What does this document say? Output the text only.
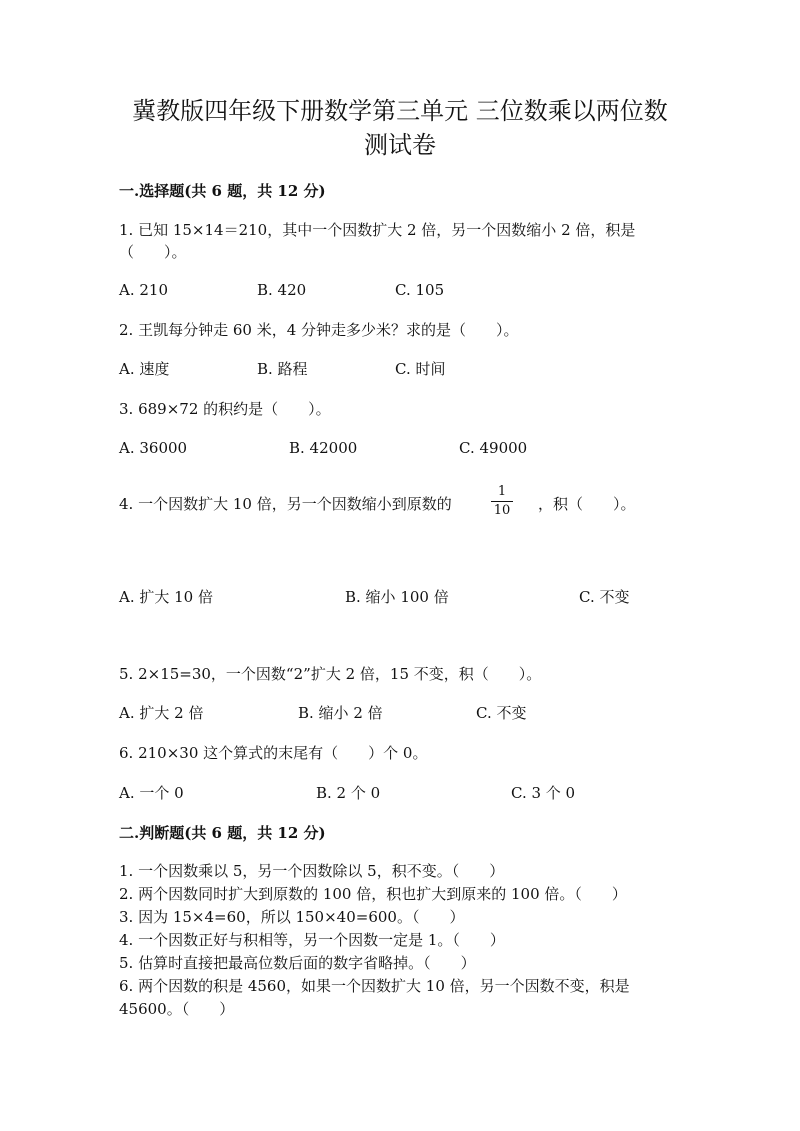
冀教版四年级下册数学第三单元 三位数乘以两位数
测试卷
一.选择题(共 6 题，共 12 分)
1. 已知 15×14＝210，其中一个因数扩大 2 倍，另一个因数缩小 2 倍，积是
（　　）。
A. 210	B. 420	C. 105
2. 王凯每分钟走 60 米，4 分钟走多少米？求的是（　　）。
A. 速度	B. 路程	C. 时间
3. 689×72 的积约是（　　）。
A. 36000	B. 42000	C. 49000
4. 一个因数扩大 10 倍，另一个因数缩小到原数的
1
10 ，积（　　）。
A. 扩大 10 倍	B. 缩小 100 倍	C. 不变
5. 2×15=30，一个因数“2”扩大 2 倍，15 不变，积（　　）。
A. 扩大 2 倍	B. 缩小 2 倍	C. 不变
6. 210×30 这个算式的末尾有（　　）个 0。
A. 一个 0	B. 2 个 0	C. 3 个 0
二.判断题(共 6 题，共 12 分)
1. 一个因数乘以 5，另一个因数除以 5，积不变。（　　）
2. 两个因数同时扩大到原数的 100 倍，积也扩大到原来的 100 倍。（　　）
3. 因为 15×4=60，所以 150×40=600。（　　）
4. 一个因数正好与积相等，另一个因数一定是 1。（　　）
5. 估算时直接把最高位数后面的数字省略掉。（　　）
6. 两个因数的积是 4560，如果一个因数扩大 10 倍，另一个因数不变，积是
45600。（　　）
